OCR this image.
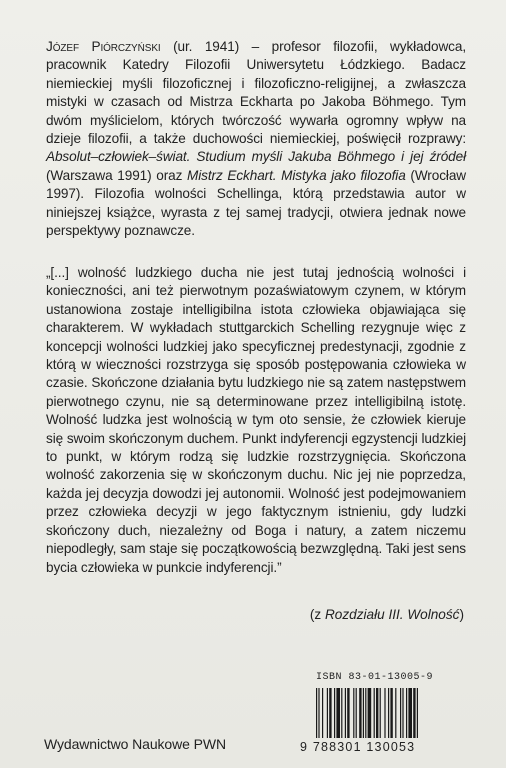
Józef Piórczyński (ur. 1941) – profesor filozofii, wykładowca, pracownik Katedry Filozofii Uniwersytetu Łódzkiego. Badacz niemieckiej myśli filozoficznej i filozoficzno-religijnej, a zwłaszcza mistyki w czasach od Mistrza Eckharta po Jakoba Böhmego. Tym dwóm myślicielom, których twórczość wywarła ogromny wpływ na dzieje filozofii, a także duchowości niemieckiej, poświęcił rozprawy: Absolut–człowiek–świat. Studium myśli Jakuba Böhmego i jej źródeł (Warszawa 1991) oraz Mistrz Eckhart. Mistyka jako filozofia (Wrocław 1997). Filozofia wolności Schellinga, którą przedstawia autor w niniejszej książce, wyrasta z tej samej tradycji, otwiera jednak nowe perspektywy poznawcze.

„[...] wolność ludzkiego ducha nie jest tutaj jednością wolności i konieczności, ani też pierwotnym pozaświatowym czynem, w którym ustanowiona zostaje intelligibilna istota człowieka objawiająca się charakterem. W wykładach stuttgarckich Schelling rezygnuje więc z koncepcji wolności ludzkiej jako specyficznej predestynacji, zgodnie z którą w wieczności rozstrzyga się sposób postępowania człowieka w czasie. Skończone działania bytu ludzkiego nie są zatem następstwem pierwotnego czynu, nie są determinowane przez intelligibilną istotę. Wolność ludzka jest wolnością w tym oto sensie, że człowiek kieruje się swoim skończonym duchem. Punkt indyferencji egzystencji ludzkiej to punkt, w którym rodzą się ludzkie rozstrzygnięcia. Skończona wolność zakorzenia się w skończonym duchu. Nic jej nie poprzedza, każda jej decyzja dowodzi jej autonomii. Wolność jest podejmowaniem przez człowieka decyzji w jego faktycznym istnieniu, gdy ludzki skończony duch, niezależny od Boga i natury, a zatem niczemu niepodległy, sam staje się początkowością bezwzględną. Taki jest sens bycia człowieka w punkcie indyferencji.”

(z Rozdziału III. Wolność)
ISBN 83-01-13005-9
9 788301 130053
Wydawnictwo Naukowe PWN
